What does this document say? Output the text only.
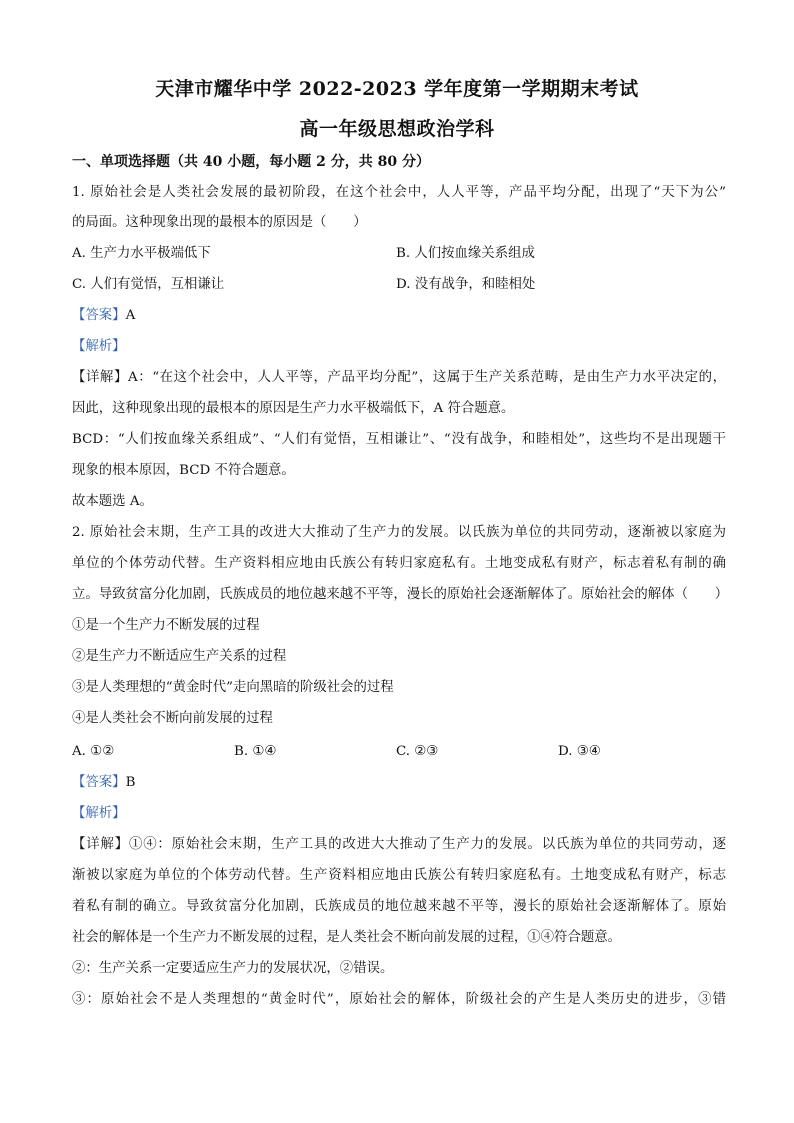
天津市耀华中学 2022-2023 学年度第一学期期末考试
高一年级思想政治学科
一、单项选择题（共 40 小题，每小题 2 分，共 80 分）
1. 原始社会是人类社会发展的最初阶段，在这个社会中，人人平等，产品平均分配，出现了“天下为公”
的局面。这种现象出现的最根本的原因是（　　）
A. 生产力水平极端低下	B. 人们按血缘关系组成
C. 人们有觉悟，互相谦让	D. 没有战争，和睦相处
【答案】A
【解析】
【详解】A：“在这个社会中，人人平等，产品平均分配”，这属于生产关系范畴，是由生产力水平决定的，
因此，这种现象出现的最根本的原因是生产力水平极端低下，A 符合题意。
BCD：“人们按血缘关系组成”、“人们有觉悟，互相谦让”、“没有战争，和睦相处”，这些均不是出现题干
现象的根本原因，BCD 不符合题意。
故本题选 A。
2. 原始社会末期，生产工具的改进大大推动了生产力的发展。以氏族为单位的共同劳动，逐渐被以家庭为
单位的个体劳动代替。生产资料相应地由氏族公有转归家庭私有。土地变成私有财产，标志着私有制的确
立。导致贫富分化加剧，氏族成员的地位越来越不平等，漫长的原始社会逐渐解体了。原始社会的解体（　　）
①是一个生产力不断发展的过程
②是生产力不断适应生产关系的过程
③是人类理想的“黄金时代”走向黑暗的阶级社会的过程
④是人类社会不断向前发展的过程
A. ①②	B. ①④	C. ②③	D. ③④
【答案】B
【解析】
【详解】①④：原始社会末期，生产工具的改进大大推动了生产力的发展。以氏族为单位的共同劳动，逐
渐被以家庭为单位的个体劳动代替。生产资料相应地由氏族公有转归家庭私有。土地变成私有财产，标志
着私有制的确立。导致贫富分化加剧，氏族成员的地位越来越不平等，漫长的原始社会逐渐解体了。原始
社会的解体是一个生产力不断发展的过程，是人类社会不断向前发展的过程，①④符合题意。
②：生产关系一定要适应生产力的发展状况，②错误。
③：原始社会不是人类理想的“黄金时代”，原始社会的解体，阶级社会的产生是人类历史的进步，③错
